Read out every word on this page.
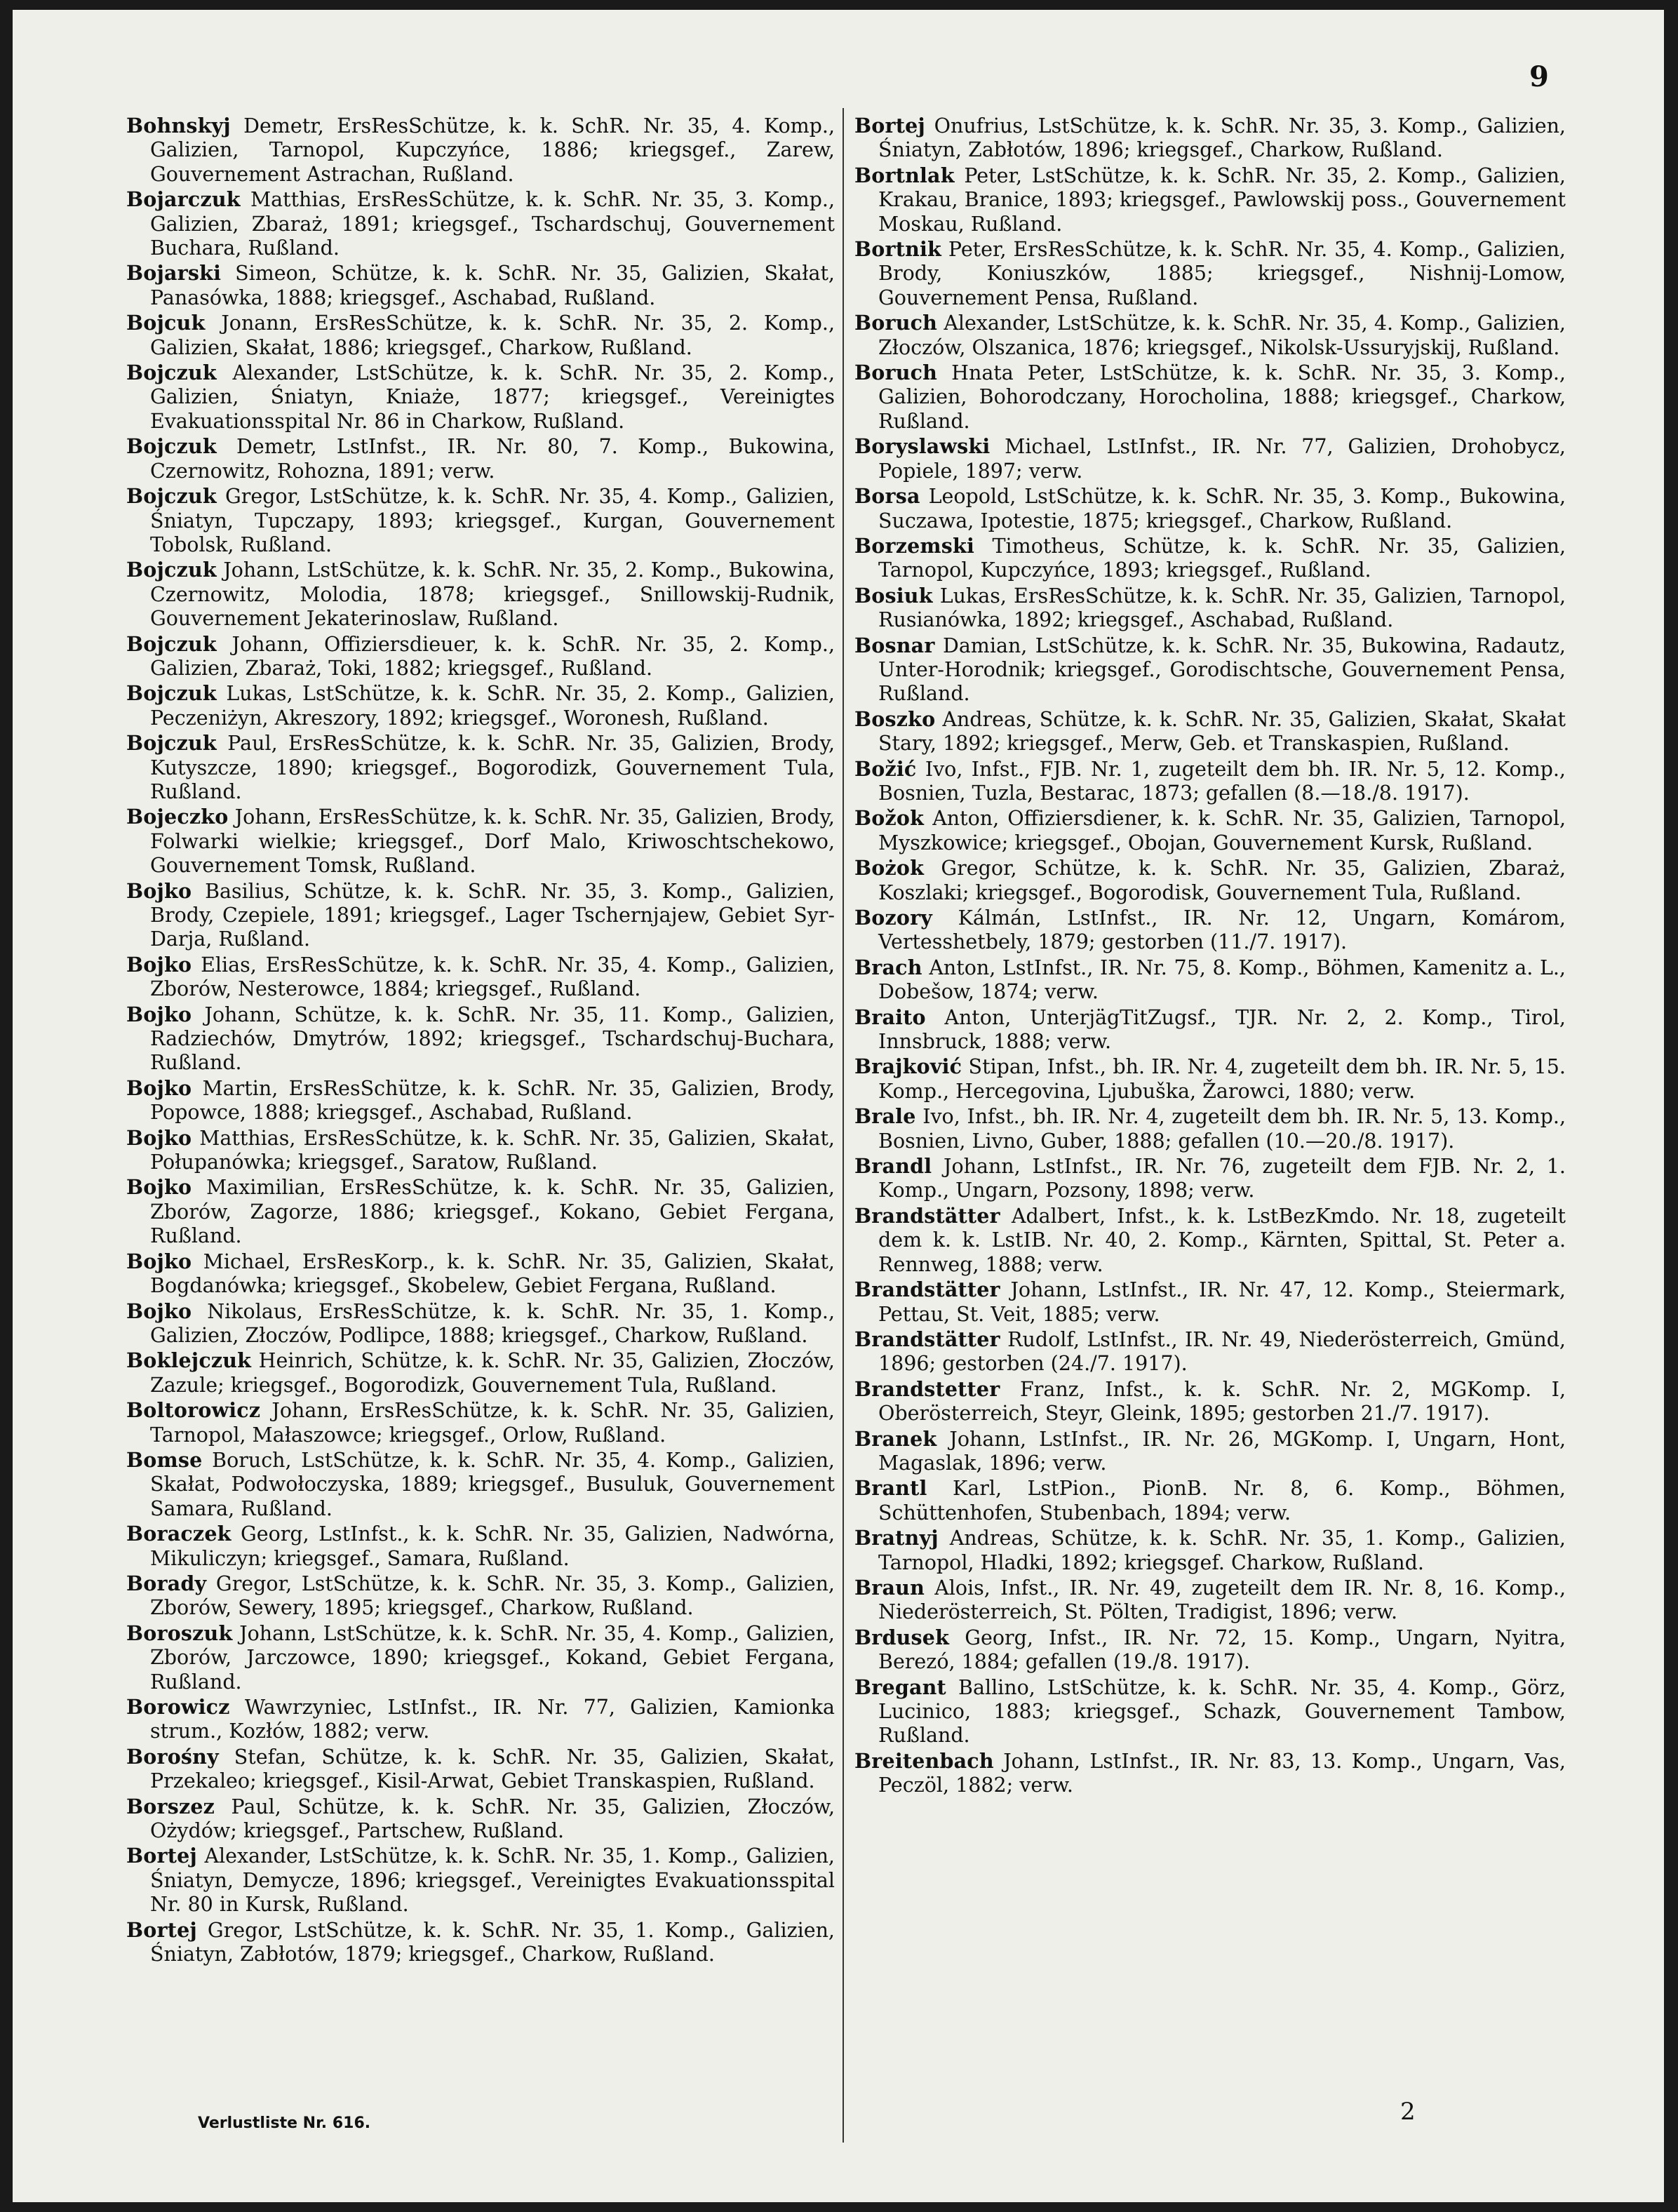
9

Bohnskyj Demetr, ErsResSchütze, k. k. SchR. Nr. 35, 4. Komp., Galizien, Tarnopol, Kupczyńce, 1886; kriegsgef., Zarew, Gouvernement Astrachan, Rußland.

Bojarczuk Matthias, ErsResSchütze, k. k. SchR. Nr. 35, 3. Komp., Galizien, Zbaraż, 1891; kriegsgef., Tschardschuj, Gouvernement Buchara, Rußland.

Bojarski Simeon, Schütze, k. k. SchR. Nr. 35, Galizien, Skałat, Panasówka, 1888; kriegsgef., Aschabad, Rußland.

Bojcuk Jonann, ErsResSchütze, k. k. SchR. Nr. 35, 2. Komp., Galizien, Skałat, 1886; kriegsgef., Charkow, Rußland.

Bojczuk Alexander, LstSchütze, k. k. SchR. Nr. 35, 2. Komp., Galizien, Śniatyn, Kniaże, 1877; kriegsgef., Vereinigtes Evakuationsspital Nr. 86 in Charkow, Rußland.

Bojczuk Demetr, LstInfst., IR. Nr. 80, 7. Komp., Bukowina, Czernowitz, Rohozna, 1891; verw.

Bojczuk Gregor, LstSchütze, k. k. SchR. Nr. 35, 4. Komp., Galizien, Śniatyn, Tupczapy, 1893; kriegsgef., Kurgan, Gouvernement Tobolsk, Rußland.

Bojczuk Johann, LstSchütze, k. k. SchR. Nr. 35, 2. Komp., Bukowina, Czernowitz, Molodia, 1878; kriegsgef., Snillowskij-Rudnik, Gouvernement Jekaterinoslaw, Rußland.

Bojczuk Johann, Offiziersdieuer, k. k. SchR. Nr. 35, 2. Komp., Galizien, Zbaraż, Toki, 1882; kriegsgef., Rußland.

Bojczuk Lukas, LstSchütze, k. k. SchR. Nr. 35, 2. Komp., Galizien, Peczeniżyn, Akreszory, 1892; kriegsgef., Woronesh, Rußland.

Bojczuk Paul, ErsResSchütze, k. k. SchR. Nr. 35, Galizien, Brody, Kutyszcze, 1890; kriegsgef., Bogorodizk, Gouvernement Tula, Rußland.

Bojeczko Johann, ErsResSchütze, k. k. SchR. Nr. 35, Galizien, Brody, Folwarki wielkie; kriegsgef., Dorf Malo, Kriwoschtschekowo, Gouvernement Tomsk, Rußland.

Bojko Basilius, Schütze, k. k. SchR. Nr. 35, 3. Komp., Galizien, Brody, Czepiele, 1891; kriegsgef., Lager Tschernjajew, Gebiet Syr-Darja, Rußland.

Bojko Elias, ErsResSchütze, k. k. SchR. Nr. 35, 4. Komp., Galizien, Zborów, Nesterowce, 1884; kriegsgef., Rußland.

Bojko Johann, Schütze, k. k. SchR. Nr. 35, 11. Komp., Galizien, Radziechów, Dmytrów, 1892; kriegsgef., Tschardschuj-Buchara, Rußland.

Bojko Martin, ErsResSchütze, k. k. SchR. Nr. 35, Galizien, Brody, Popowce, 1888; kriegsgef., Aschabad, Rußland.

Bojko Matthias, ErsResSchütze, k. k. SchR. Nr. 35, Galizien, Skałat, Połupanówka; kriegsgef., Saratow, Rußland.

Bojko Maximilian, ErsResSchütze, k. k. SchR. Nr. 35, Galizien, Zborów, Zagorze, 1886; kriegsgef., Kokano, Gebiet Fergana, Rußland.

Bojko Michael, ErsResKorp., k. k. SchR. Nr. 35, Galizien, Skałat, Bogdanówka; kriegsgef., Skobelew, Gebiet Fergana, Rußland.

Bojko Nikolaus, ErsResSchütze, k. k. SchR. Nr. 35, 1. Komp., Galizien, Złoczów, Podlipce, 1888; kriegsgef., Charkow, Rußland.

Boklejczuk Heinrich, Schütze, k. k. SchR. Nr. 35, Galizien, Złoczów, Zazule; kriegsgef., Bogorodizk, Gouvernement Tula, Rußland.

Boltorowicz Johann, ErsResSchütze, k. k. SchR. Nr. 35, Galizien, Tarnopol, Małaszowce; kriegsgef., Orlow, Rußland.

Bomse Boruch, LstSchütze, k. k. SchR. Nr. 35, 4. Komp., Galizien, Skałat, Podwołoczyska, 1889; kriegsgef., Busuluk, Gouvernement Samara, Rußland.

Boraczek Georg, LstInfst., k. k. SchR. Nr. 35, Galizien, Nadwórna, Mikuliczyn; kriegsgef., Samara, Rußland.

Borady Gregor, LstSchütze, k. k. SchR. Nr. 35, 3. Komp., Galizien, Zborów, Sewery, 1895; kriegsgef., Charkow, Rußland.

Boroszuk Johann, LstSchütze, k. k. SchR. Nr. 35, 4. Komp., Galizien, Zborów, Jarczowce, 1890; kriegsgef., Kokand, Gebiet Fergana, Rußland.

Borowicz Wawrzyniec, LstInfst., IR. Nr. 77, Galizien, Kamionka strum., Kozłów, 1882; verw.

Borośny Stefan, Schütze, k. k. SchR. Nr. 35, Galizien, Skałat, Przekaleo; kriegsgef., Kisil-Arwat, Gebiet Transkaspien, Rußland.

Borszez Paul, Schütze, k. k. SchR. Nr. 35, Galizien, Złoczów, Ożydów; kriegsgef., Partschew, Rußland.

Bortej Alexander, LstSchütze, k. k. SchR. Nr. 35, 1. Komp., Galizien, Śniatyn, Demycze, 1896; kriegsgef., Vereinigtes Evakuationsspital Nr. 80 in Kursk, Rußland.

Bortej Gregor, LstSchütze, k. k. SchR. Nr. 35, 1. Komp., Galizien, Śniatyn, Zabłotów, 1879; kriegsgef., Charkow, Rußland.

Bortej Onufrius, LstSchütze, k. k. SchR. Nr. 35, 3. Komp., Galizien, Śniatyn, Zabłotów, 1896; kriegsgef., Charkow, Rußland.

Bortnlak Peter, LstSchütze, k. k. SchR. Nr. 35, 2. Komp., Galizien, Krakau, Branice, 1893; kriegsgef., Pawlowskij poss., Gouvernement Moskau, Rußland.

Bortnik Peter, ErsResSchütze, k. k. SchR. Nr. 35, 4. Komp., Galizien, Brody, Koniuszków, 1885; kriegsgef., Nishnij-Lomow, Gouvernement Pensa, Rußland.

Boruch Alexander, LstSchütze, k. k. SchR. Nr. 35, 4. Komp., Galizien, Złoczów, Olszanica, 1876; kriegsgef., Nikolsk-Ussuryjskij, Rußland.

Boruch Hnata Peter, LstSchütze, k. k. SchR. Nr. 35, 3. Komp., Galizien, Bohorodczany, Horocholina, 1888; kriegsgef., Charkow, Rußland.

Boryslawski Michael, LstInfst., IR. Nr. 77, Galizien, Drohobycz, Popiele, 1897; verw.

Borsa Leopold, LstSchütze, k. k. SchR. Nr. 35, 3. Komp., Bukowina, Suczawa, Ipotestie, 1875; kriegsgef., Charkow, Rußland.

Borzemski Timotheus, Schütze, k. k. SchR. Nr. 35, Galizien, Tarnopol, Kupczyńce, 1893; kriegsgef., Rußland.

Bosiuk Lukas, ErsResSchütze, k. k. SchR. Nr. 35, Galizien, Tarnopol, Rusianówka, 1892; kriegsgef., Aschabad, Rußland.

Bosnar Damian, LstSchütze, k. k. SchR. Nr. 35, Bukowina, Radautz, Unter-Horodnik; kriegsgef., Gorodischtsche, Gouvernement Pensa, Rußland.

Boszko Andreas, Schütze, k. k. SchR. Nr. 35, Galizien, Skałat, Skałat Stary, 1892; kriegsgef., Merw, Geb. et Transkaspien, Rußland.

Božić Ivo, Infst., FJB. Nr. 1, zugeteilt dem bh. IR. Nr. 5, 12. Komp., Bosnien, Tuzla, Bestarac, 1873; gefallen (8.—18./8. 1917).

Božok Anton, Offiziersdiener, k. k. SchR. Nr. 35, Galizien, Tarnopol, Myszkowice; kriegsgef., Obojan, Gouvernement Kursk, Rußland.

Bożok Gregor, Schütze, k. k. SchR. Nr. 35, Galizien, Zbaraż, Koszlaki; kriegsgef., Bogorodisk, Gouvernement Tula, Rußland.

Bozory Kálmán, LstInfst., IR. Nr. 12, Ungarn, Komárom, Vertesshetbely, 1879; gestorben (11./7. 1917).

Brach Anton, LstInfst., IR. Nr. 75, 8. Komp., Böhmen, Kamenitz a. L., Dobešow, 1874; verw.

Braito Anton, UnterjägTitZugsf., TJR. Nr. 2, 2. Komp., Tirol, Innsbruck, 1888; verw.

Brajković Stipan, Infst., bh. IR. Nr. 4, zugeteilt dem bh. IR. Nr. 5, 15. Komp., Hercegovina, Ljubuška, Žarowci, 1880; verw.

Brale Ivo, Infst., bh. IR. Nr. 4, zugeteilt dem bh. IR. Nr. 5, 13. Komp., Bosnien, Livno, Guber, 1888; gefallen (10.—20./8. 1917).

Brandl Johann, LstInfst., IR. Nr. 76, zugeteilt dem FJB. Nr. 2, 1. Komp., Ungarn, Pozsony, 1898; verw.

Brandstätter Adalbert, Infst., k. k. LstBezKmdo. Nr. 18, zugeteilt dem k. k. LstIB. Nr. 40, 2. Komp., Kärnten, Spittal, St. Peter a. Rennweg, 1888; verw.

Brandstätter Johann, LstInfst., IR. Nr. 47, 12. Komp., Steiermark, Pettau, St. Veit, 1885; verw.

Brandstätter Rudolf, LstInfst., IR. Nr. 49, Niederösterreich, Gmünd, 1896; gestorben (24./7. 1917).

Brandstetter Franz, Infst., k. k. SchR. Nr. 2, MGKomp. I, Oberösterreich, Steyr, Gleink, 1895; gestorben 21./7. 1917).

Branek Johann, LstInfst., IR. Nr. 26, MGKomp. I, Ungarn, Hont, Magaslak, 1896; verw.

Brantl Karl, LstPion., PionB. Nr. 8, 6. Komp., Böhmen, Schüttenhofen, Stubenbach, 1894; verw.

Bratnyj Andreas, Schütze, k. k. SchR. Nr. 35, 1. Komp., Galizien, Tarnopol, Hladki, 1892; kriegsgef. Charkow, Rußland.

Braun Alois, Infst., IR. Nr. 49, zugeteilt dem IR. Nr. 8, 16. Komp., Niederösterreich, St. Pölten, Tradigist, 1896; verw.

Brdusek Georg, Infst., IR. Nr. 72, 15. Komp., Ungarn, Nyitra, Berezó, 1884; gefallen (19./8. 1917).

Bregant Ballino, LstSchütze, k. k. SchR. Nr. 35, 4. Komp., Görz, Lucinico, 1883; kriegsgef., Schazk, Gouvernement Tambow, Rußland.

Breitenbach Johann, LstInfst., IR. Nr. 83, 13. Komp., Ungarn, Vas, Peczöl, 1882; verw.

Verlustliste Nr. 616.	2
